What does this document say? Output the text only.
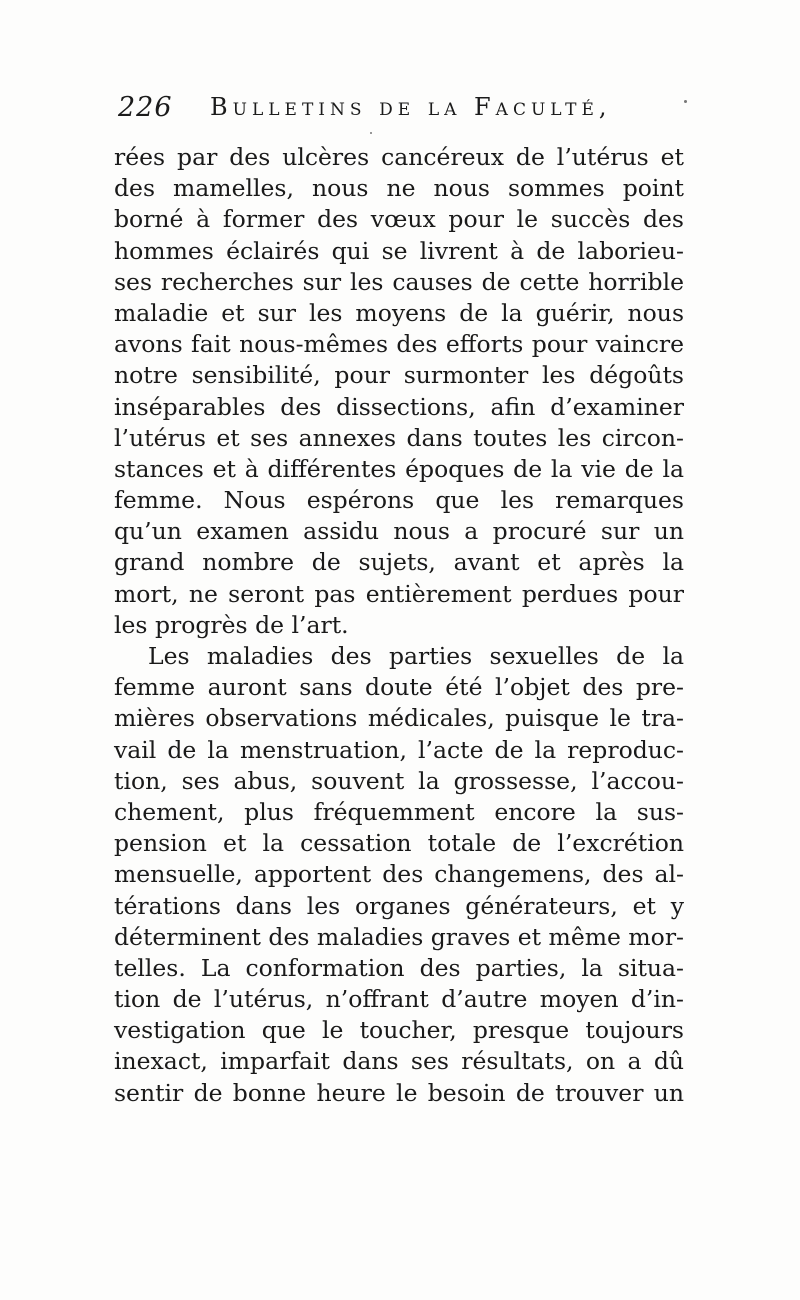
226 Bulletins de la Faculté,
rées par des ulcères cancéreux de l’utérus et
des mamelles, nous ne nous sommes point
borné à former des vœux pour le succès des
hommes éclairés qui se livrent à de laborieu-
ses recherches sur les causes de cette horrible
maladie et sur les moyens de la guérir, nous
avons fait nous-mêmes des efforts pour vaincre
notre sensibilité, pour surmonter les dégoûts
inséparables des dissections, afin d’examiner
l’utérus et ses annexes dans toutes les circon-
stances et à différentes époques de la vie de la
femme. Nous espérons que les remarques
qu’un examen assidu nous a procuré sur un
grand nombre de sujets, avant et après la
mort, ne seront pas entièrement perdues pour
les progrès de l’art.
Les maladies des parties sexuelles de la
femme auront sans doute été l’objet des pre-
mières observations médicales, puisque le tra-
vail de la menstruation, l’acte de la reproduc-
tion, ses abus, souvent la grossesse, l’accou-
chement, plus fréquemment encore la sus-
pension et la cessation totale de l’excrétion
mensuelle, apportent des changemens, des al-
térations dans les organes générateurs, et y
déterminent des maladies graves et même mor-
telles. La conformation des parties, la situa-
tion de l’utérus, n’offrant d’autre moyen d’in-
vestigation que le toucher, presque toujours
inexact, imparfait dans ses résultats, on a dû
sentir de bonne heure le besoin de trouver un
